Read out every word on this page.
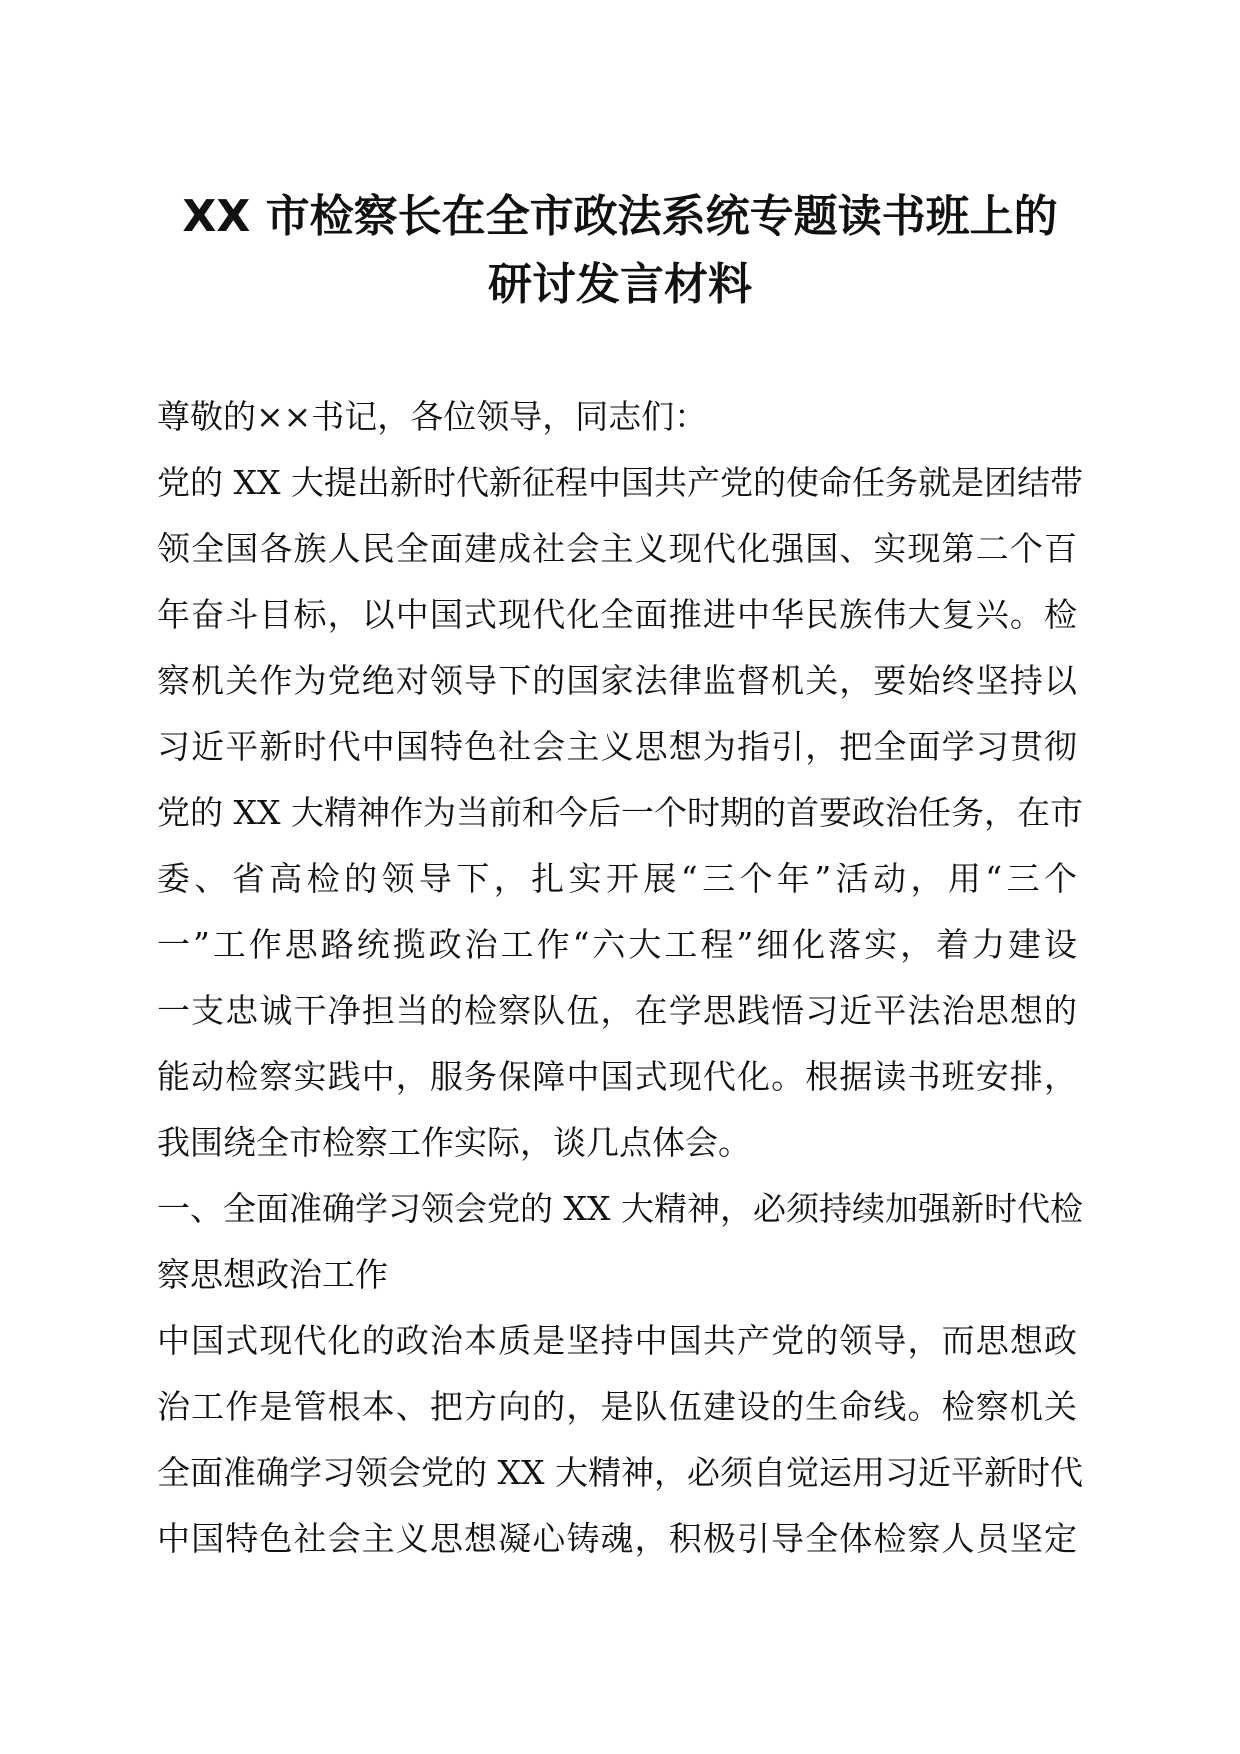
XX 市检察长在全市政法系统专题读书班上的
研讨发言材料
尊敬的××书记，各位领导，同志们：
党的 XX 大提出新时代新征程中国共产党的使命任务就是团结带
领全国各族人民全面建成社会主义现代化强国、实现第二个百
年奋斗目标，以中国式现代化全面推进中华民族伟大复兴。检
察机关作为党绝对领导下的国家法律监督机关，要始终坚持以
习近平新时代中国特色社会主义思想为指引，把全面学习贯彻
党的 XX 大精神作为当前和今后一个时期的首要政治任务，在市
委、省高检的领导下，扎实开展“三个年”活动，用“三个
一”工作思路统揽政治工作“六大工程”细化落实，着力建设
一支忠诚干净担当的检察队伍，在学思践悟习近平法治思想的
能动检察实践中，服务保障中国式现代化。根据读书班安排，
我围绕全市检察工作实际，谈几点体会。
一、全面准确学习领会党的 XX 大精神，必须持续加强新时代检
察思想政治工作
中国式现代化的政治本质是坚持中国共产党的领导，而思想政
治工作是管根本、把方向的，是队伍建设的生命线。检察机关
全面准确学习领会党的 XX 大精神，必须自觉运用习近平新时代
中国特色社会主义思想凝心铸魂，积极引导全体检察人员坚定
